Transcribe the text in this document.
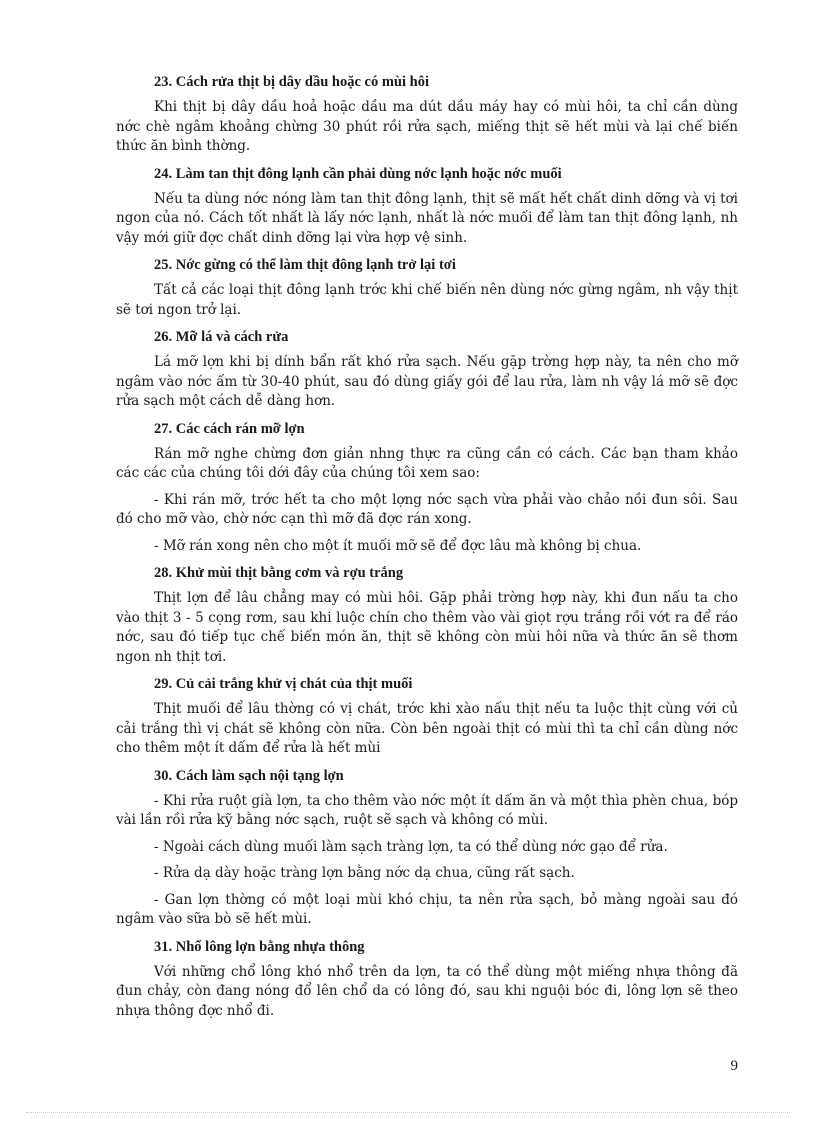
23. Cách rửa thịt bị dây dầu hoặc có mùi hôi

Khi thịt bị dây dầu hoả hoặc dầu ma dút dầu máy hay có mùi hôi, ta chỉ cần dùng nớc chè ngâm khoảng chừng 30 phút rồi rửa sạch, miếng thịt sẽ hết mùi và lại chế biến thức ăn bình thờng.

24. Làm tan thịt đông lạnh cần phải dùng nớc lạnh hoặc nớc muối

Nếu ta dùng nớc nóng làm tan thịt đông lạnh, thịt sẽ mất hết chất dinh dỡng và vị tơi ngon của nó. Cách tốt nhất là lấy nớc lạnh, nhất là nớc muối để làm tan thịt đông lạnh, nh vậy mới giữ đợc chất dinh dỡng lại vừa hợp vệ sinh.

25. Nớc gừng có thể làm thịt đông lạnh trở lại tơi

Tất cả các loại thịt đông lạnh trớc khi chế biến nên dùng nớc gừng ngâm, nh vậy thịt sẽ tơi ngon trở lại.

26. Mỡ lá và cách rửa

Lá mỡ lợn khi bị dính bẩn rất khó rửa sạch. Nếu gặp trờng hợp này, ta nên cho mỡ ngâm vào nớc ấm từ 30-40 phút, sau đó dùng giấy gói để lau rửa, làm nh vậy lá mỡ sẽ đợc rửa sạch một cách dễ dàng hơn.

27. Các cách rán mỡ lợn

Rán mỡ nghe chừng đơn giản nhng thực ra cũng cần có cách. Các bạn tham khảo các các của chúng tôi dới đây của chúng tôi xem sao:

- Khi rán mỡ, trớc hết ta cho một lợng nớc sạch vừa phải vào chảo nồi đun sôi. Sau đó cho mỡ vào, chờ nớc cạn thì mỡ đã đợc rán xong.

- Mỡ rán xong nên cho một ít muối mỡ sẽ để đợc lâu mà không bị chua.

28. Khử mùi thịt bằng cơm và rợu trắng

Thịt lợn để lâu chẳng may có mùi hôi. Gặp phải trờng hợp này, khi đun nấu ta cho vào thịt 3 - 5 cọng rơm, sau khi luộc chín cho thêm vào vài giọt rợu trắng rồi vớt ra để ráo nớc, sau đó tiếp tục chế biến món ăn, thịt sẽ không còn mùi hôi nữa và thức ăn sẽ thơm ngon nh thịt tơi.

29. Củ cải trắng khử vị chát của thịt muối

Thịt muối để lâu thờng có vị chát, trớc khi xào nấu thịt nếu ta luộc thịt cùng với củ cải trắng thì vị chát sẽ không còn nữa. Còn bên ngoài thịt có mùi thì ta chỉ cần dùng nớc cho thêm một ít dấm để rửa là hết mùi

30. Cách làm sạch nội tạng lợn

- Khi rửa ruột già lợn, ta cho thêm vào nớc một ít dấm ăn và một thìa phèn chua, bóp vài lần rồi rửa kỹ bằng nớc sạch, ruột sẽ sạch và không có mùi.

- Ngoài cách dùng muối làm sạch tràng lợn, ta có thể dùng nớc gạo để rửa.

- Rửa dạ dày hoặc tràng lợn bằng nớc dạ chua, cũng rất sạch.

- Gan lợn thờng có một loại mùi khó chịu, ta nên rửa sạch, bỏ màng ngoài sau đó ngâm vào sữa bò sẽ hết mùi.

31. Nhổ lông lợn bằng nhựa thông

Với những chổ lông khó nhổ trên da lợn, ta có thể dùng một miếng nhựa thông đã đun chảy, còn đang nóng đổ lên chổ da có lông đó, sau khi nguội bóc đi, lông lợn sẽ theo nhựa thông đợc nhổ đi.

9
